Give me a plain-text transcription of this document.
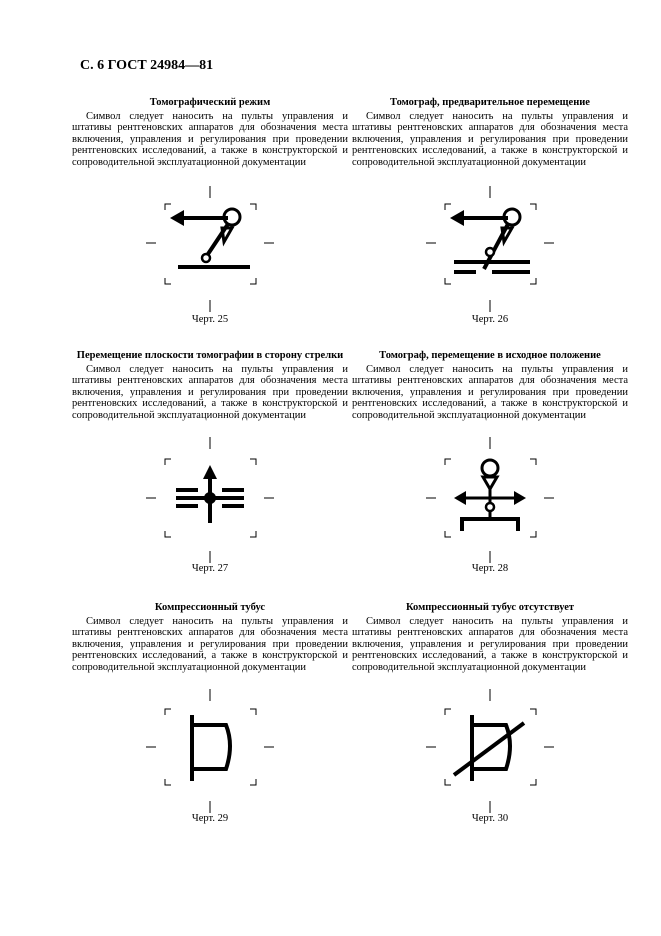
С. 6 ГОСТ 24984—81
Томографический режим

Символ следует наносить на пульты управления и штативы рентгеновских аппаратов для обозначения места включения, управления и регулирования при проведении рентгеновских исследований, а также в конструкторской и сопроводительной эксплуатационной документации

Черт. 25
Томограф, предварительное перемещение

Символ следует наносить на пульты управления и штативы рентгеновских аппаратов для обозначения места включения, управления и регулирования при проведении рентгеновских исследований, а также в конструкторской и сопроводительной эксплуатационной документации

Черт. 26
Перемещение плоскости томографии в сторону стрелки

Символ следует наносить на пульты управления и штативы рентгеновских аппаратов для обозначения места включения, управления и регулирования при проведении рентгеновских исследований, а также в конструкторской и сопроводительной эксплуатационной документации

Черт. 27
Томограф, перемещение в исходное положение

Символ следует наносить на пульты управления и штативы рентгеновских аппаратов для обозначения места включения, управления и регулирования при проведении рентгеновских исследований, а также в конструкторской и сопроводительной эксплуатационной документации

Черт. 28
Компрессионный тубус

Символ следует наносить на пульты управления и штативы рентгеновских аппаратов для обозначения места включения, управления и регулирования при проведении рентгеновских исследований, а также в конструкторской и сопроводительной эксплуатационной документации

Черт. 29
Компрессионный тубус отсутствует

Символ следует наносить на пульты управления и штативы рентгеновских аппаратов для обозначения места включения, управления и регулирования при проведении рентгеновских исследований, а также в конструкторской и сопроводительной эксплуатационной документации

Черт. 30
